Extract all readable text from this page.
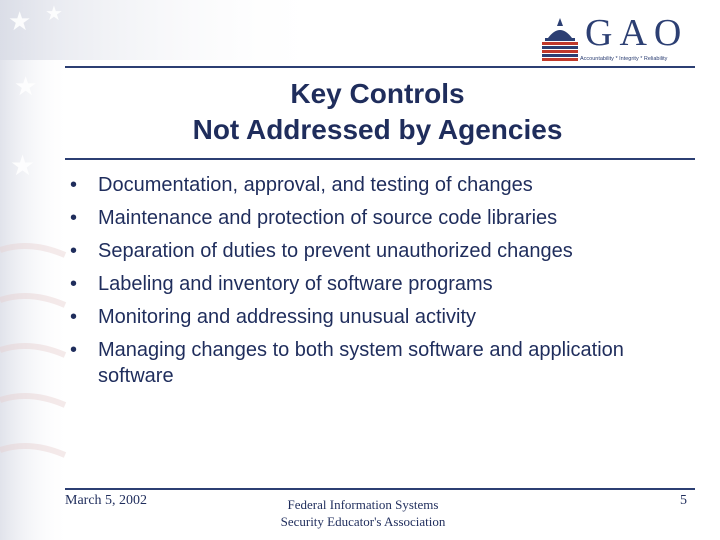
★ ★
★
★
GAO
Accountability * Integrity * Reliability
Key Controls
Not Addressed by Agencies
• Documentation, approval, and testing of changes
• Maintenance and protection of source code libraries
• Separation of duties to prevent unauthorized changes
• Labeling and inventory of software programs
• Monitoring and addressing unusual activity
• Managing changes to both system software and application software
March 5, 2002	Federal Information Systems
Security Educator's Association
5
